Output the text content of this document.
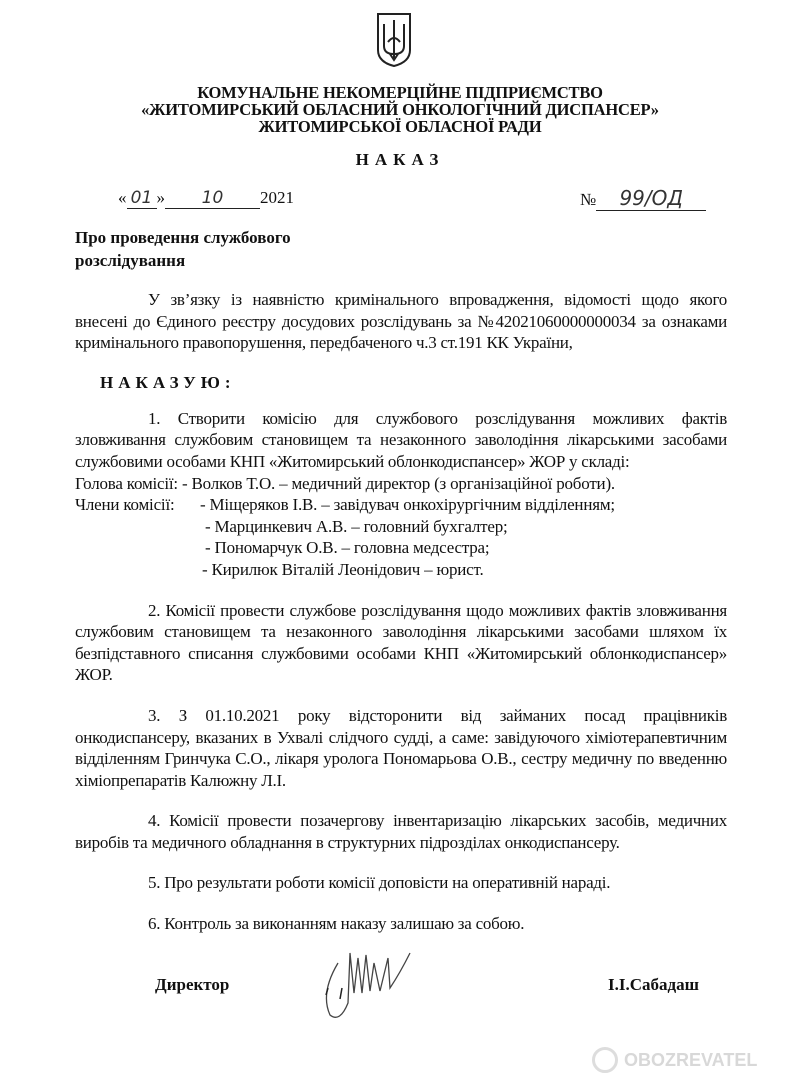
КОМУНАЛЬНЕ НЕКОМЕРЦІЙНЕ ПІДПРИЄМСТВО
«ЖИТОМИРСЬКИЙ ОБЛАСНИЙ ОНКОЛОГІЧНИЙ ДИСПАНСЕР»
ЖИТОМИРСЬКОЇ ОБЛАСНОЇ РАДИ
НАКАЗ
« 01 » 10 2021	№ 99/ОД
Про проведення службового розслідування

У зв’язку із наявністю кримінального впровадження, відомості щодо якого внесені до Єдиного реєстру досудових розслідувань за №42021060000000034 за ознаками кримінального правопорушення, передбаченого ч.3 ст.191 КК України,

НАКАЗУЮ:

1. Створити комісію для службового розслідування можливих фактів зловживання службовим становищем та незаконного заволодіння лікарськими засобами службовими особами КНП «Житомирський облонкодиспансер» ЖОР у складі:

Голова комісії: - Волков Т.О. – медичний директор (з організаційної роботи).
Члени комісії: - Міщеряков І.В. – завідувач онкохірургічним відділенням;
- Марцинкевич А.В. – головний бухгалтер;
- Пономарчук О.В. – головна медсестра;
- Кирилюк Віталій Леонідович – юрист.

2. Комісії провести службове розслідування щодо можливих фактів зловживання службовим становищем та незаконного заволодіння лікарськими засобами шляхом їх безпідставного списання службовими особами КНП «Житомирський облонкодиспансер» ЖОР.

3. З 01.10.2021 року відсторонити від займаних посад працівників онкодиспансеру, вказаних в Ухвалі слідчого судді, а саме: завідуючого хіміотерапевтичним відділенням Гринчука С.О., лікаря уролога Пономарьова О.В., сестру медичну по введенню хіміопрепаратів Калюжну Л.І.

4. Комісії провести позачергову інвентаризацію лікарських засобів, медичних виробів та медичного обладнання в структурних підрозділах онкодиспансеру.

5. Про результати роботи комісії доповісти на оперативній нараді.

6. Контроль за виконанням наказу залишаю за собою.

Директор	І.І.Сабадаш
OBOZREVATEL
